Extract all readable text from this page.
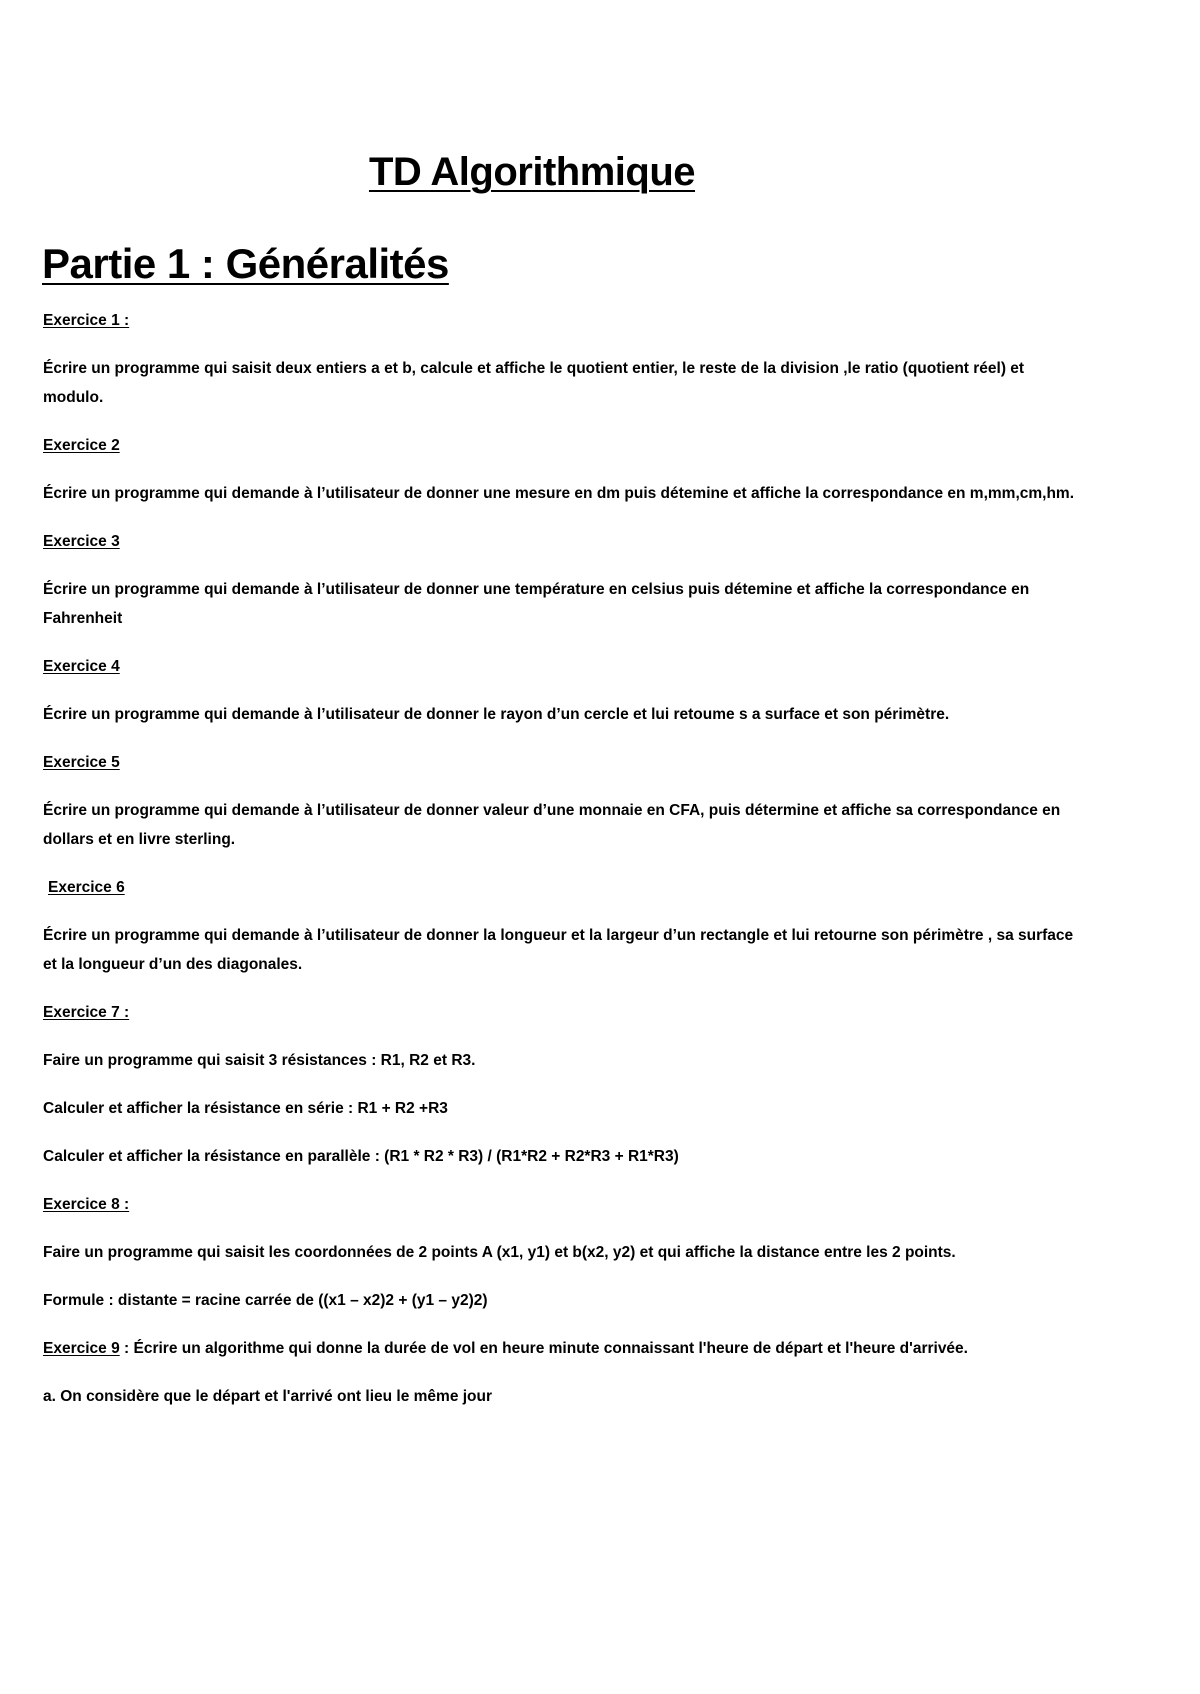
TD Algorithmique
Partie 1 : Généralités

Exercice 1 :

Écrire un programme qui saisit deux entiers a et b, calcule et affiche le quotient entier, le reste de la division ,le ratio (quotient réel) et modulo.

Exercice 2

Écrire un programme qui demande à l’utilisateur de donner une mesure en dm puis détemine et affiche la correspondance en m,mm,cm,hm.

Exercice 3

Écrire un programme qui demande à l’utilisateur de donner une température en celsius puis détemine et affiche la correspondance en Fahrenheit

Exercice 4

Écrire un programme qui demande à l’utilisateur de donner le rayon d’un cercle et lui retoume s a surface et son périmètre.

Exercice 5

Écrire un programme qui demande à l’utilisateur de donner valeur d’une monnaie en CFA, puis détermine et affiche sa correspondance en dollars et en livre sterling.

Exercice 6

Écrire un programme qui demande à l’utilisateur de donner la longueur et la largeur d’un rectangle et lui retourne son périmètre , sa surface et la longueur d’un des diagonales.

Exercice 7 :

Faire un programme qui saisit 3 résistances : R1, R2 et R3.

Calculer et afficher la résistance en série : R1 + R2 +R3

Calculer et afficher la résistance en parallèle : (R1 * R2 * R3) / (R1*R2 + R2*R3 + R1*R3)

Exercice 8 :

Faire un programme qui saisit les coordonnées de 2 points A (x1, y1) et b(x2, y2) et qui affiche la distance entre les 2 points.

Formule : distante = racine carrée de ((x1 – x2)2 + (y1 – y2)2)

Exercice 9 : Écrire un algorithme qui donne la durée de vol en heure minute connaissant l'heure de départ et l'heure d'arrivée.

a. On considère que le départ et l'arrivé ont lieu le même jour
